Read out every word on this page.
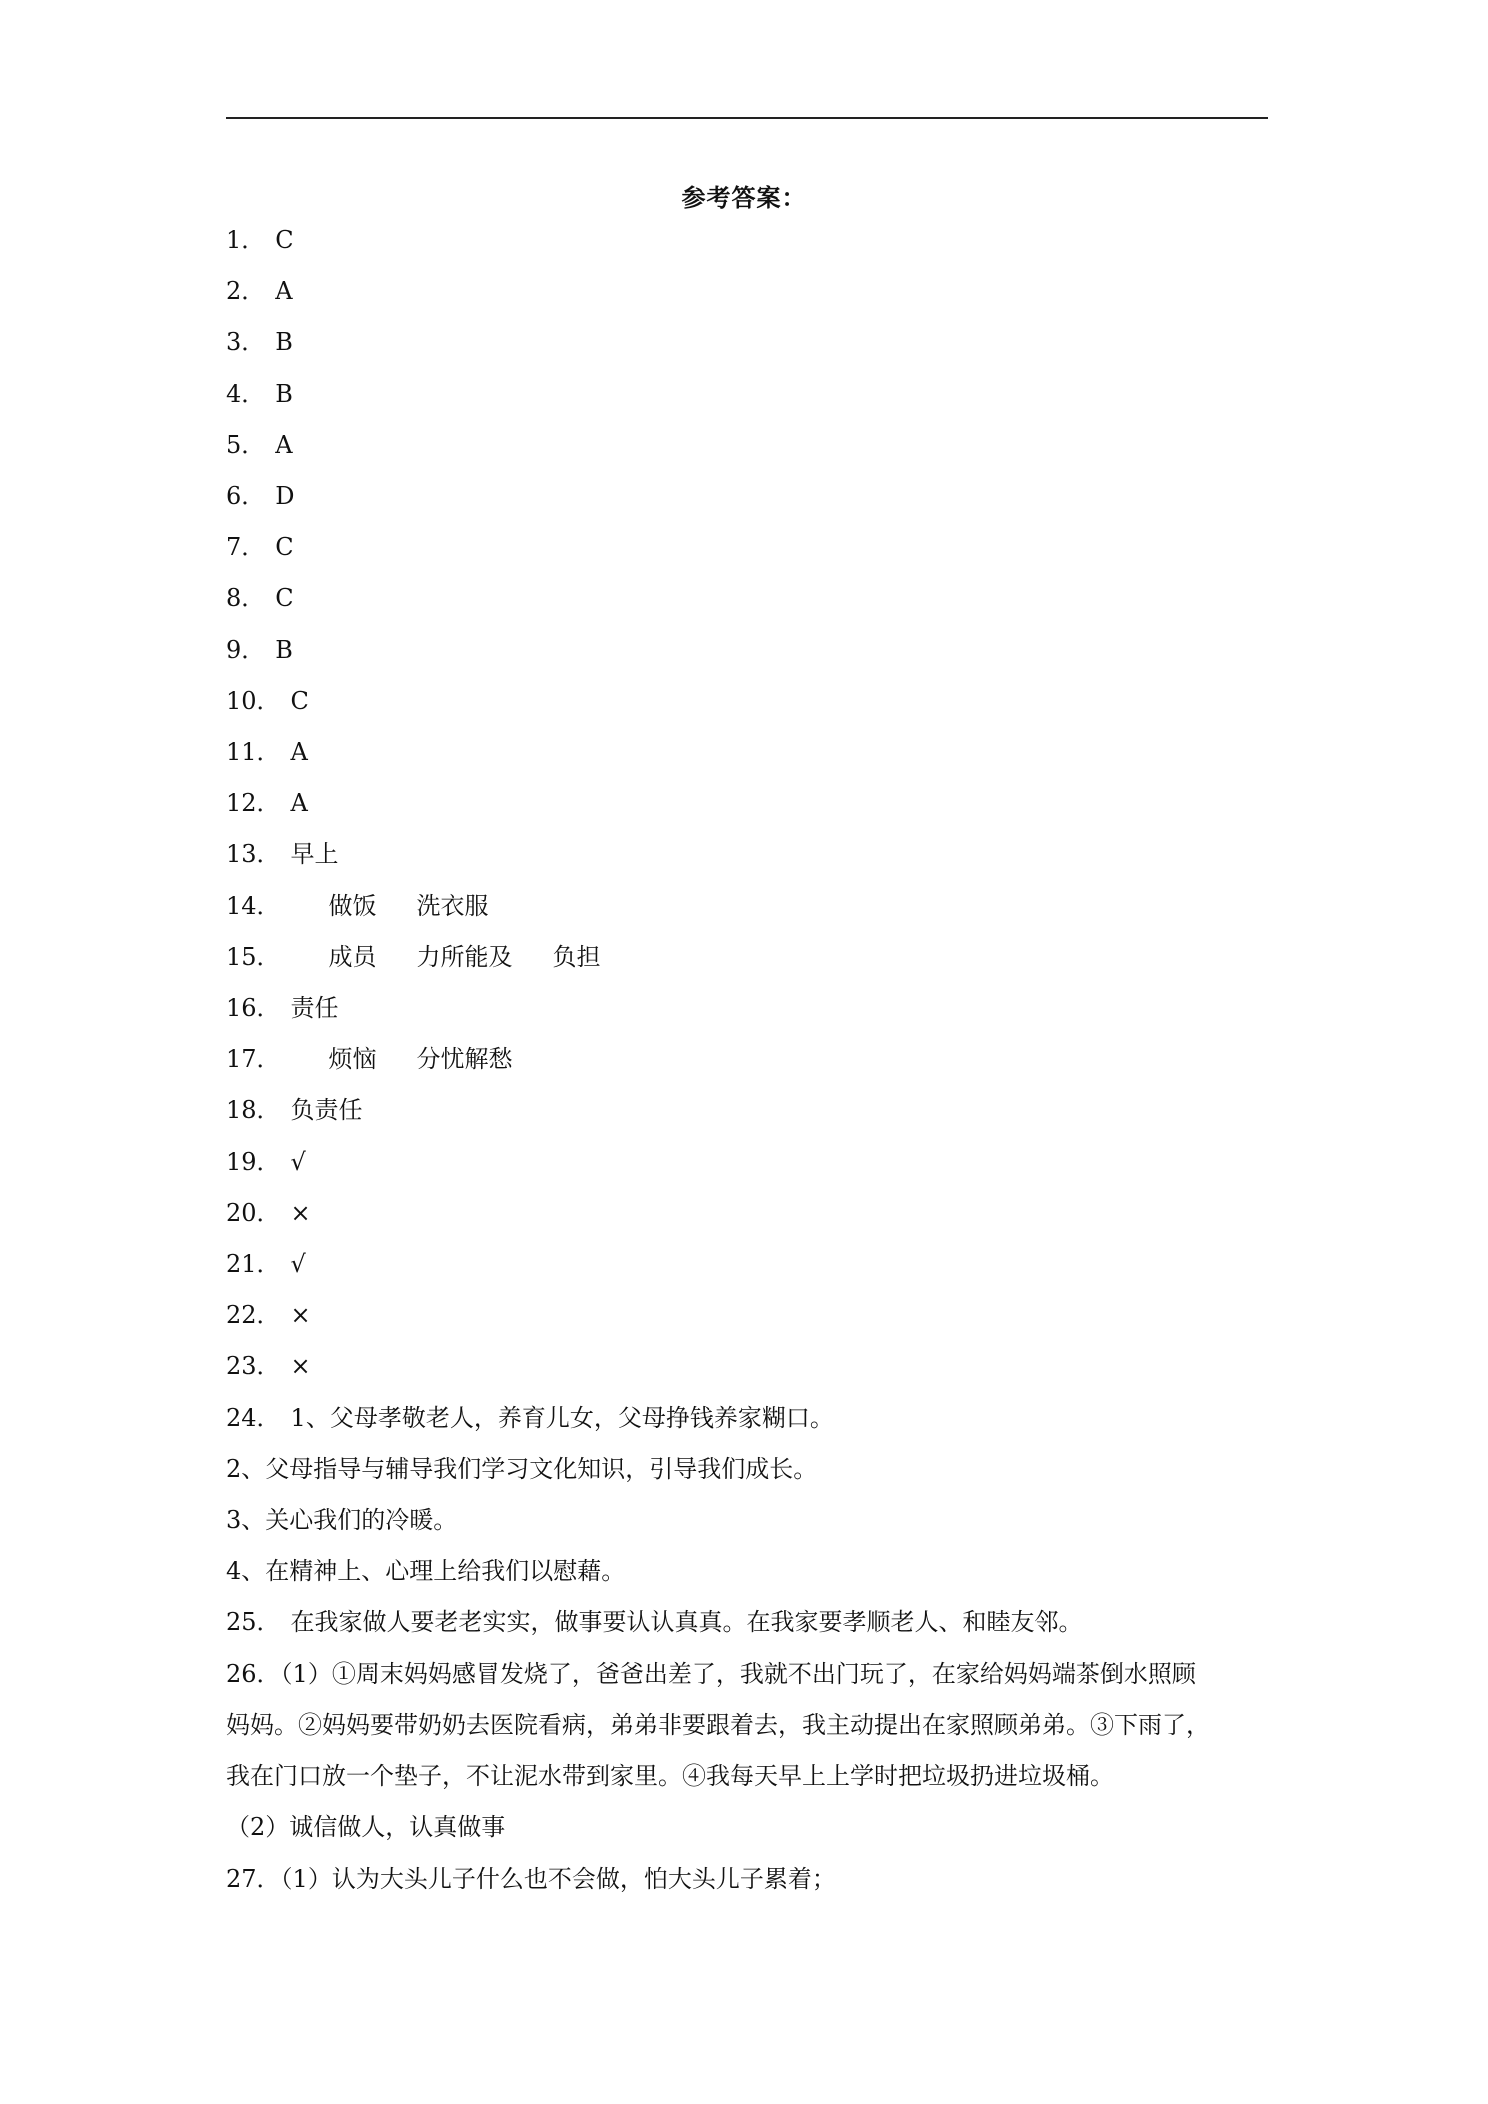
参考答案：
1． C
2． A
3． B
4． B
5． A
6． D
7． C
8． C
9． B
10． C
11． A
12． A
13． 早上
14． 做饭 洗衣服
15． 成员 力所能及 负担
16． 责任
17． 烦恼 分忧解愁
18． 负责任
19． √
20． ×
21． √
22． ×
23． ×
24． 1、父母孝敬老人，养育儿女，父母挣钱养家糊口。
2、父母指导与辅导我们学习文化知识，引导我们成长。
3、关心我们的冷暖。
4、在精神上、心理上给我们以慰藉。
25． 在我家做人要老老实实，做事要认认真真。在我家要孝顺老人、和睦友邻。
26．（1）①周末妈妈感冒发烧了，爸爸出差了，我就不出门玩了，在家给妈妈端茶倒水照顾
妈妈。②妈妈要带奶奶去医院看病，弟弟非要跟着去，我主动提出在家照顾弟弟。③下雨了，
我在门口放一个垫子，不让泥水带到家里。④我每天早上上学时把垃圾扔进垃圾桶。
（2）诚信做人，认真做事
27．（1）认为大头儿子什么也不会做，怕大头儿子累着；
